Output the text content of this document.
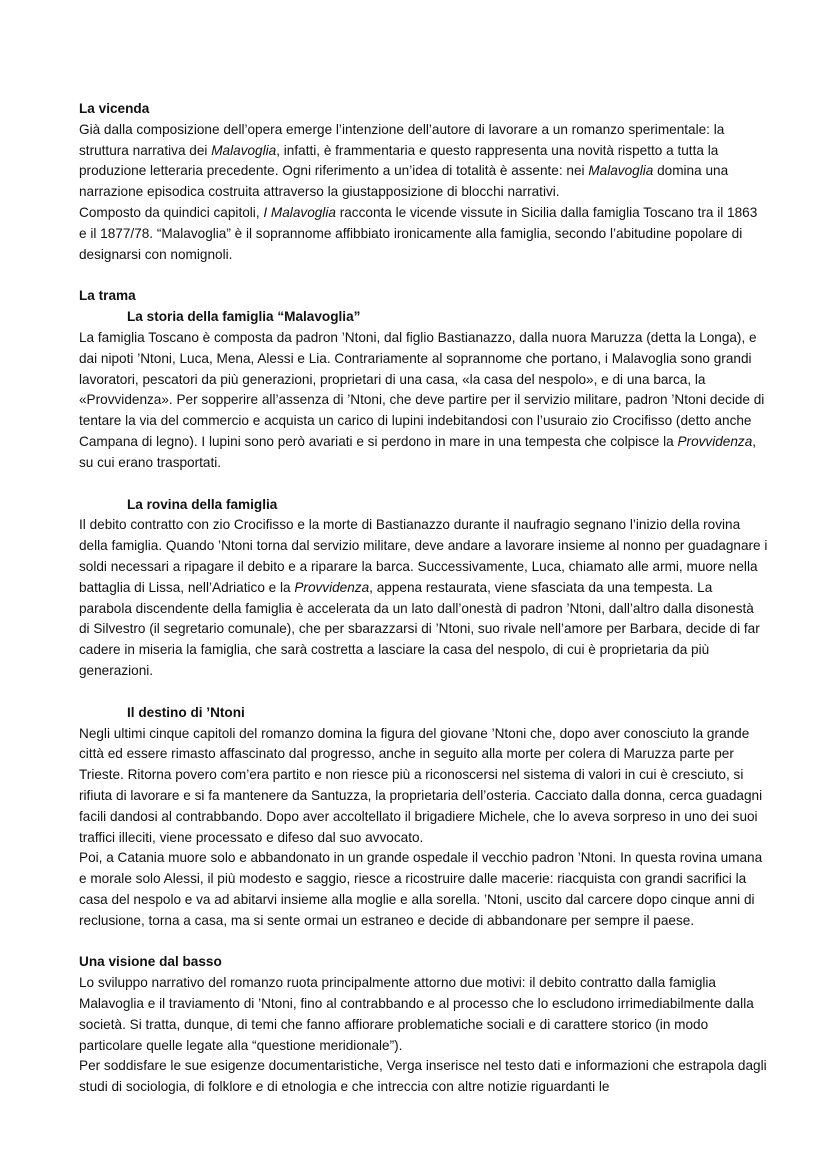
La vicenda

Già dalla composizione dell’opera emerge l’intenzione dell’autore di lavorare a un romanzo sperimentale: la struttura narrativa dei Malavoglia, infatti, è frammentaria e questo rappresenta una novità rispetto a tutta la produzione letteraria precedente. Ogni riferimento a un’idea di totalità è assente: nei Malavoglia domina una narrazione episodica costruita attraverso la giustapposizione di blocchi narrativi.

Composto da quindici capitoli, I Malavoglia racconta le vicende vissute in Sicilia dalla famiglia Toscano tra il 1863 e il 1877/78. “Malavoglia” è il soprannome affibbiato ironicamente alla famiglia, secondo l’abitudine popolare di designarsi con nomignoli.

La trama
La storia della famiglia “Malavoglia”

La famiglia Toscano è composta da padron ’Ntoni, dal figlio Bastianazzo, dalla nuora Maruzza (detta la Longa), e dai nipoti ’Ntoni, Luca, Mena, Alessi e Lia. Contrariamente al soprannome che portano, i Malavoglia sono grandi lavoratori, pescatori da più generazioni, proprietari di una casa, «la casa del nespolo», e di una barca, la «Provvidenza». Per sopperire all’assenza di ’Ntoni, che deve partire per il servizio militare, padron ’Ntoni decide di tentare la via del commercio e acquista un carico di lupini indebitandosi con l’usuraio zio Crocifisso (detto anche Campana di legno). I lupini sono però avariati e si perdono in mare in una tempesta che colpisce la Provvidenza, su cui erano trasportati.

La rovina della famiglia

Il debito contratto con zio Crocifisso e la morte di Bastianazzo durante il naufragio segnano l’inizio della rovina della famiglia. Quando ’Ntoni torna dal servizio militare, deve andare a lavorare insieme al nonno per guadagnare i soldi necessari a ripagare il debito e a riparare la barca. Successivamente, Luca, chiamato alle armi, muore nella battaglia di Lissa, nell’Adriatico e la Provvidenza, appena restaurata, viene sfasciata da una tempesta. La parabola discendente della famiglia è accelerata da un lato dall’onestà di padron ’Ntoni, dall’altro dalla disonestà di Silvestro (il segretario comunale), che per sbarazzarsi di ’Ntoni, suo rivale nell’amore per Barbara, decide di far cadere in miseria la famiglia, che sarà costretta a lasciare la casa del nespolo, di cui è proprietaria da più generazioni.

Il destino di ’Ntoni

Negli ultimi cinque capitoli del romanzo domina la figura del giovane ’Ntoni che, dopo aver conosciuto la grande città ed essere rimasto affascinato dal progresso, anche in seguito alla morte per colera di Maruzza parte per Trieste. Ritorna povero com’era partito e non riesce più a riconoscersi nel sistema di valori in cui è cresciuto, si rifiuta di lavorare e si fa mantenere da Santuzza, la proprietaria dell’osteria. Cacciato dalla donna, cerca guadagni facili dandosi al contrabbando. Dopo aver accoltellato il brigadiere Michele, che lo aveva sorpreso in uno dei suoi traffici illeciti, viene processato e difeso dal suo avvocato.

Poi, a Catania muore solo e abbandonato in un grande ospedale il vecchio padron ’Ntoni. In questa rovina umana e morale solo Alessi, il più modesto e saggio, riesce a ricostruire dalle macerie: riacquista con grandi sacrifici la casa del nespolo e va ad abitarvi insieme alla moglie e alla sorella. ’Ntoni, uscito dal carcere dopo cinque anni di reclusione, torna a casa, ma si sente ormai un estraneo e decide di abbandonare per sempre il paese.

Una visione dal basso

Lo sviluppo narrativo del romanzo ruota principalmente attorno due motivi: il debito contratto dalla famiglia Malavoglia e il traviamento di ’Ntoni, fino al contrabbando e al processo che lo escludono irrimediabilmente dalla società. Si tratta, dunque, di temi che fanno affiorare problematiche sociali e di carattere storico (in modo particolare quelle legate alla “questione meridionale”).

Per soddisfare le sue esigenze documentaristiche, Verga inserisce nel testo dati e informazioni che estrapola dagli studi di sociologia, di folklore e di etnologia e che intreccia con altre notizie riguardanti le
